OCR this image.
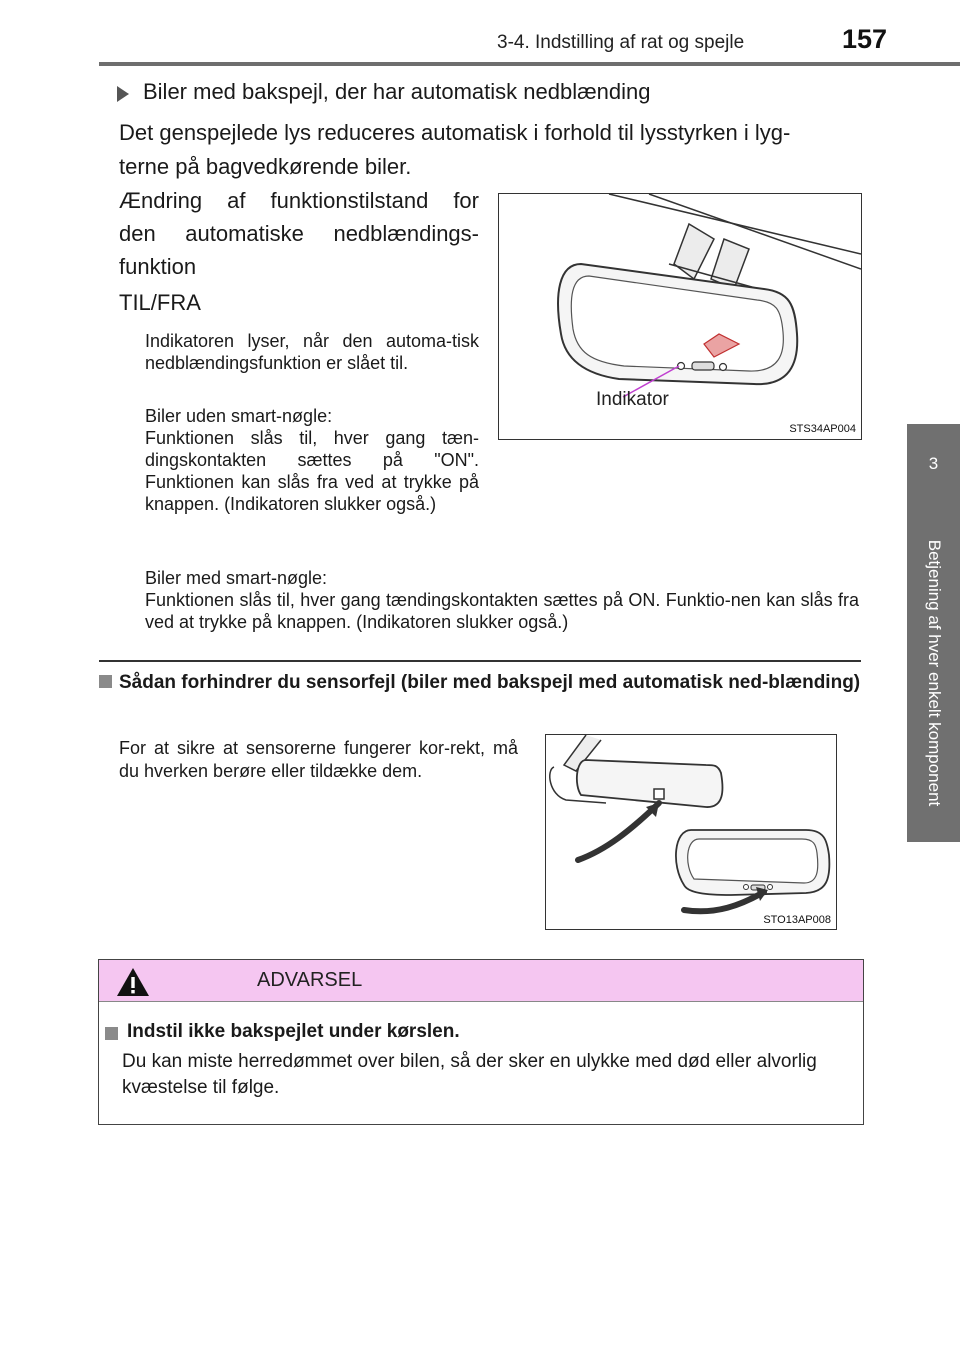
3-4. Indstilling af rat og spejle	157
3
Betjening af hver enkelt komponent
Biler med bakspejl, der har automatisk nedblænding
Det genspejlede lys reduceres automatisk i forhold til lysstyrken i lyg-
terne på bagvedkørende biler.
Ændring af funktionstilstand for
den automatiske nedblændings-
funktion
TIL/FRA
Indikatoren lyser, når den automa-tisk nedblændingsfunktion er slået til.
Biler uden smart-nøgle:
Funktionen slås til, hver gang tæn-dingskontakten sættes på "ON". Funktionen kan slås fra ved at trykke på knappen. (Indikatoren slukker også.)
Biler med smart-nøgle:
Funktionen slås til, hver gang tændingskontakten sættes på ON. Funktio-nen kan slås fra ved at trykke på knappen. (Indikatoren slukker også.)
Indikator
STS34AP004
Sådan forhindrer du sensorfejl (biler med bakspejl med automatisk ned-blænding)
For at sikre at sensorerne fungerer kor-rekt, må du hverken berøre eller tildække dem.
STO13AP008
ADVARSEL
Indstil ikke bakspejlet under kørslen.
Du kan miste herredømmet over bilen, så der sker en ulykke med død eller alvorlig kvæstelse til følge.
